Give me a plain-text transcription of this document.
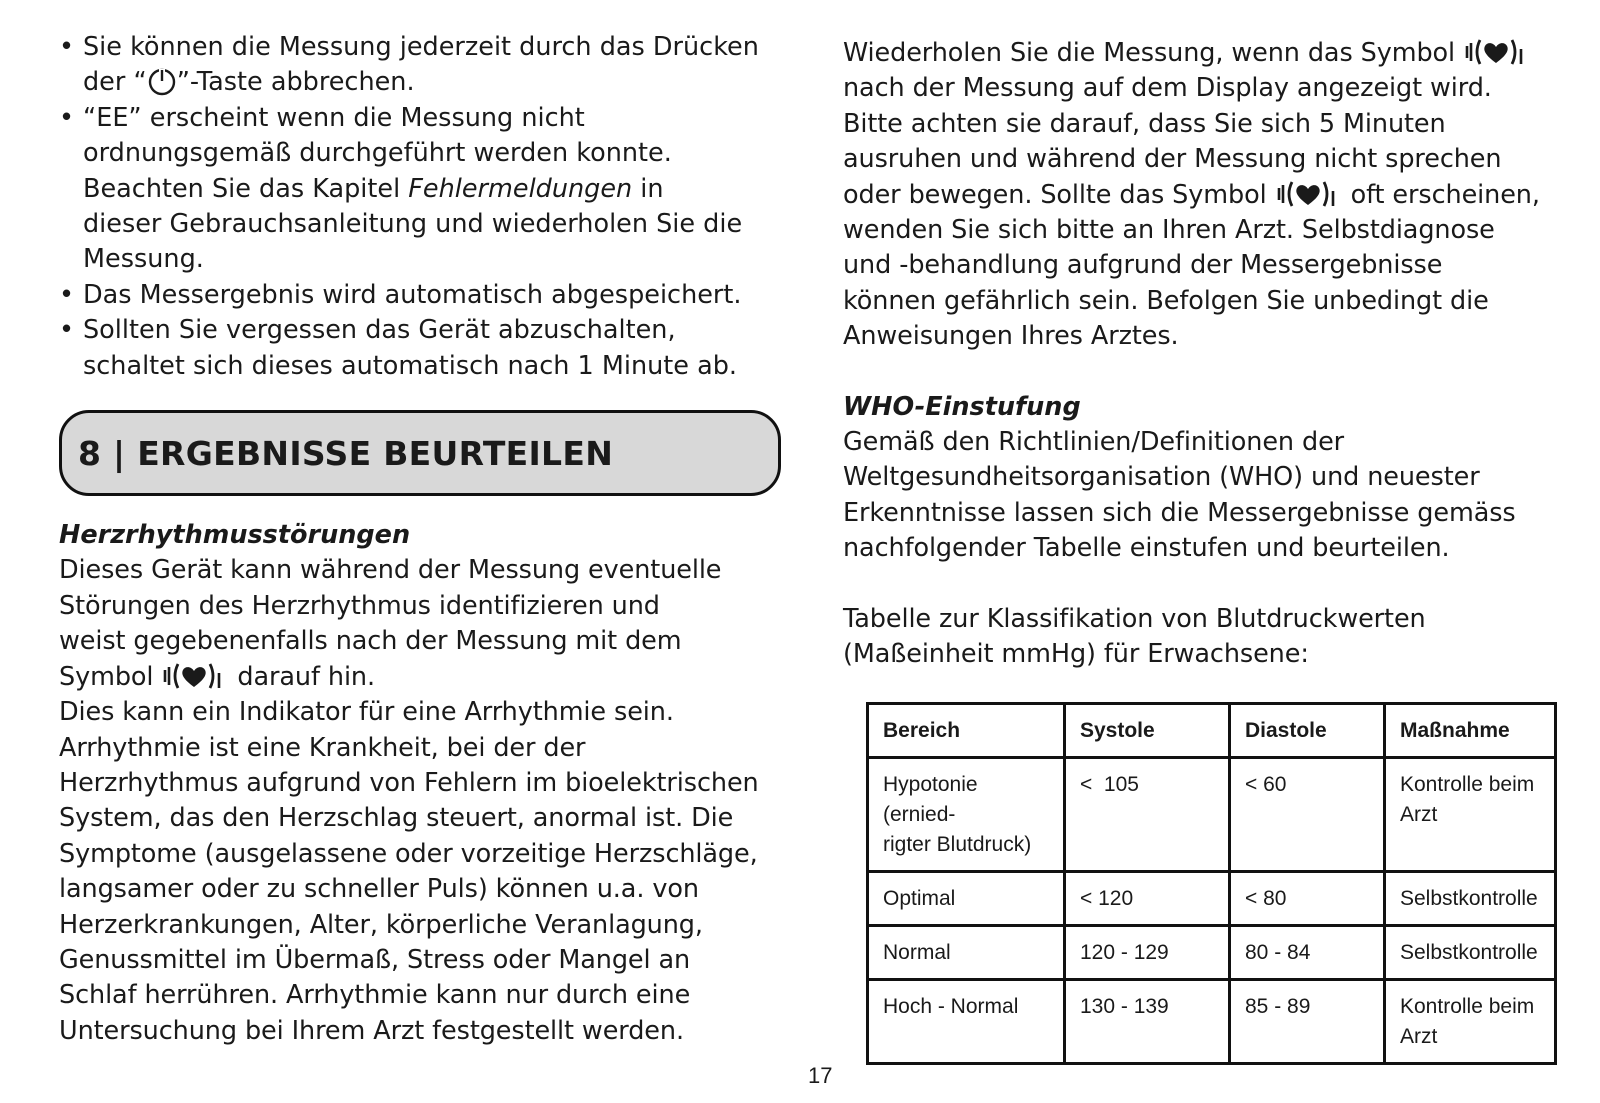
• Sie können die Messung jederzeit durch das Drücken
der “ ”-Taste abbrechen.
• “EE” erscheint wenn die Messung nicht
ordnungsgemäß durchgeführt werden konnte.
Beachten Sie das Kapitel Fehlermeldungen in
dieser Gebrauchsanleitung und wiederholen Sie die
Messung.
• Das Messergebnis wird automatisch abgespeichert.
• Sollten Sie vergessen das Gerät abzuschalten,
schaltet sich dieses automatisch nach 1 Minute ab.
8 | ERGEBNISSE BEURTEILEN

Herzrhythmusstörungen

Dieses Gerät kann während der Messung eventuelle
Störungen des Herzrhythmus identifizieren und
weist gegebenenfalls nach der Messung mit dem
Symbol	darauf hin.
Dies kann ein Indikator für eine Arrhythmie sein.
Arrhythmie ist eine Krankheit, bei der der
Herzrhythmus aufgrund von Fehlern im bioelektrischen
System, das den Herzschlag steuert, anormal ist. Die
Symptome (ausgelassene oder vorzeitige Herzschläge,
langsamer oder zu schneller Puls) können u.a. von
Herzerkrankungen, Alter, körperliche Veranlagung,
Genussmittel im Übermaß, Stress oder Mangel an
Schlaf herrühren. Arrhythmie kann nur durch eine
Untersuchung bei Ihrem Arzt festgestellt werden.

Wiederholen Sie die Messung, wenn das Symbol
nach der Messung auf dem Display angezeigt wird.
Bitte achten sie darauf, dass Sie sich 5 Minuten
ausruhen und während der Messung nicht sprechen
oder bewegen. Sollte das Symbol	oft erscheinen,
wenden Sie sich bitte an Ihren Arzt. Selbstdiagnose
und -behandlung aufgrund der Messergebnisse
können gefährlich sein. Befolgen Sie unbedingt die
Anweisungen Ihres Arztes.

WHO-Einstufung

Gemäß den Richtlinien/Definitionen der
Weltgesundheitsorganisation (WHO) und neuester
Erkenntnisse lassen sich die Messergebnisse gemäss
nachfolgender Tabelle einstufen und beurteilen.

Tabelle zur Klassifikation von Blutdruckwerten
(Maßeinheit mmHg) für Erwachsene:

Bereich	Systole	Diastole	Maßnahme

Hypotonie (ernied-
rigter Blutdruck)	<  105	< 60	Kontrolle beim
Arzt

Optimal	< 120	< 80	Selbstkontrolle

Normal	120 - 129	80 - 84	Selbstkontrolle

Hoch - Normal	130 - 139	85 - 89	Kontrolle beim
Arzt
17
